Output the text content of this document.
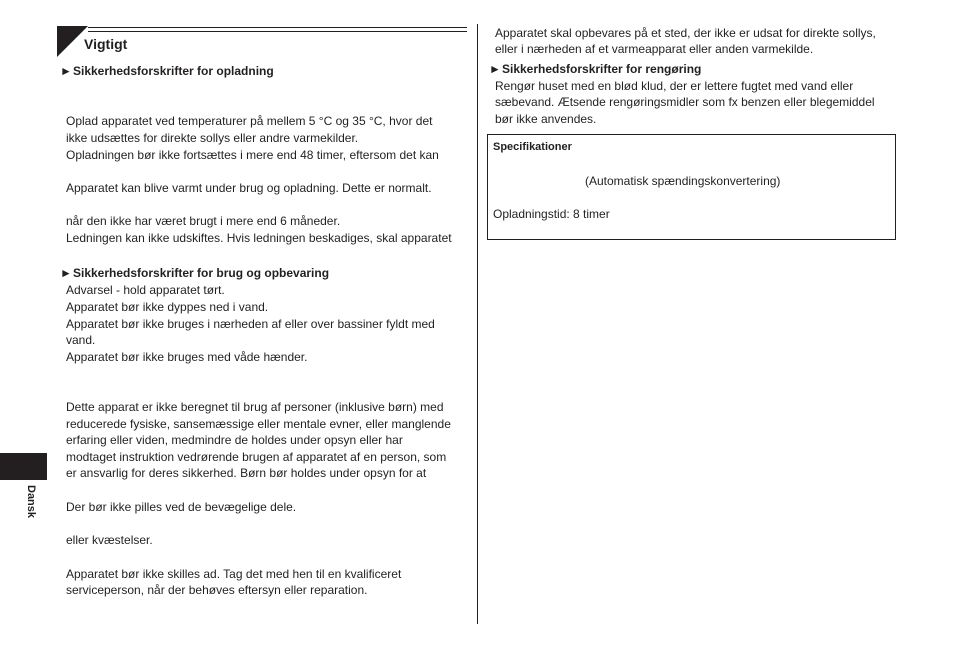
Vigtigt
Dansk
►Sikkerhedsforskrifter for opladning
Oplad apparatet ved temperaturer på mellem 5 °C og 35 °C, hvor det
ikke udsættes for direkte sollys eller andre varmekilder.
Opladningen bør ikke fortsættes i mere end 48 timer, eftersom det kan
Apparatet kan blive varmt under brug og opladning. Dette er normalt.
når den ikke har været brugt i mere end 6 måneder.
Ledningen kan ikke udskiftes. Hvis ledningen beskadiges, skal apparatet
►Sikkerhedsforskrifter for brug og opbevaring
Advarsel - hold apparatet tørt.
Apparatet bør ikke dyppes ned i vand.
Apparatet bør ikke bruges i nærheden af eller over bassiner fyldt med
vand.
Apparatet bør ikke bruges med våde hænder.
Dette apparat er ikke beregnet til brug af personer (inklusive børn) med
reducerede fysiske, sansemæssige eller mentale evner, eller manglende
erfaring eller viden, medmindre de holdes under opsyn eller har
modtaget instruktion vedrørende brugen af apparatet af en person, som
er ansvarlig for deres sikkerhed. Børn bør holdes under opsyn for at
Der bør ikke pilles ved de bevægelige dele.
eller kvæstelser.
Apparatet bør ikke skilles ad. Tag det med hen til en kvalificeret
serviceperson, når der behøves eftersyn eller reparation.
Apparatet skal opbevares på et sted, der ikke er udsat for direkte sollys,
eller i nærheden af et varmeapparat eller anden varmekilde.
►Sikkerhedsforskrifter for rengøring
Rengør huset med en blød klud, der er lettere fugtet med vand eller
sæbevand. Ætsende rengøringsmidler som fx benzen eller blegemiddel
bør ikke anvendes.
Specifikationer
(Automatisk spændingskonvertering)
Opladningstid: 8 timer
